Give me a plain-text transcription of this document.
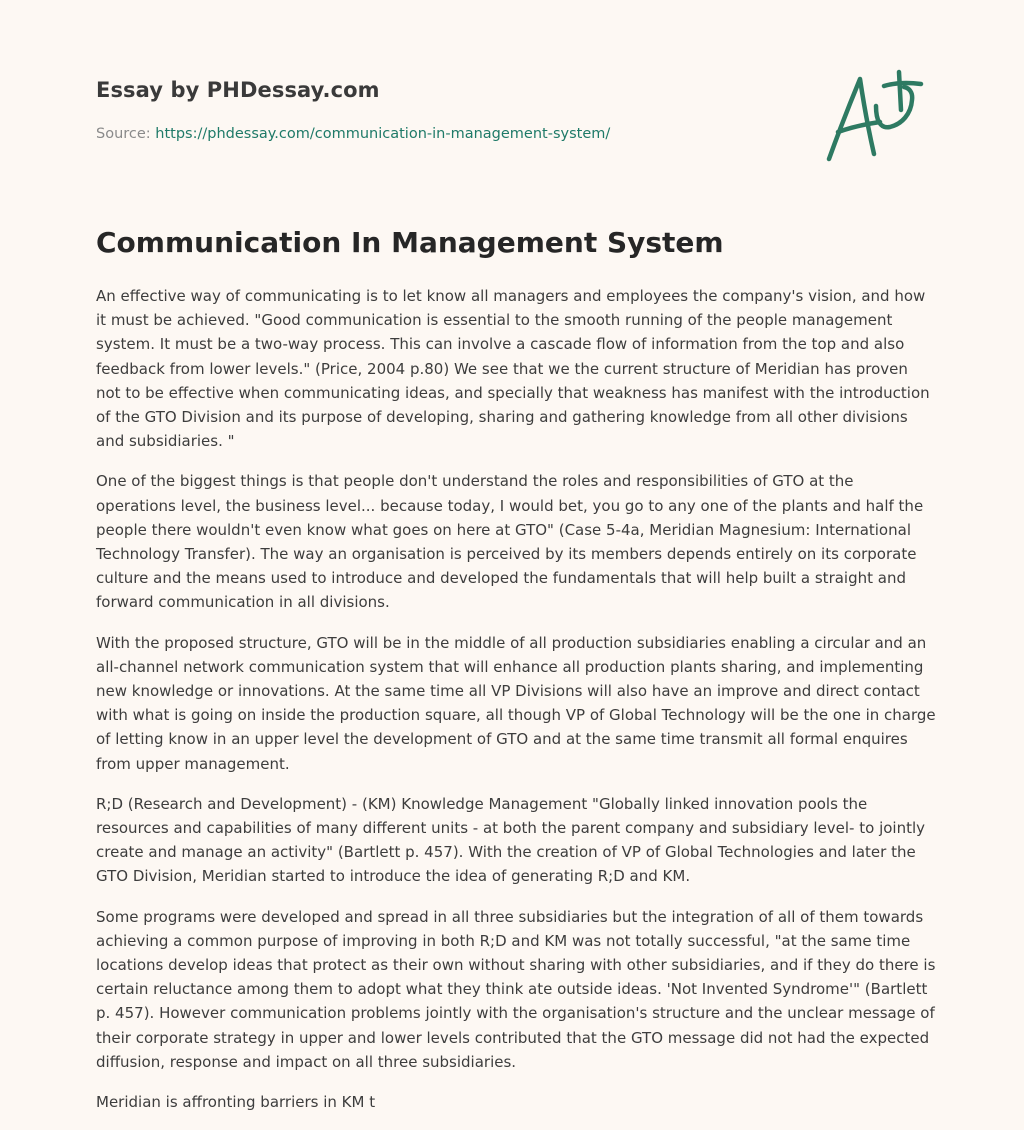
Essay by PHDessay.com
Source: https://phdessay.com/communication-in-management-system/
Communication In Management System

An effective way of communicating is to let know all managers and employees the company's vision, and how it must be achieved. "Good communication is essential to the smooth running of the people management system. It must be a two-way process. This can involve a cascade flow of information from the top and also feedback from lower levels." (Price, 2004 p.80) We see that we the current structure of Meridian has proven not to be effective when communicating ideas, and specially that weakness has manifest with the introduction of the GTO Division and its purpose of developing, sharing and gathering knowledge from all other divisions and subsidiaries. "

One of the biggest things is that people don't understand the roles and responsibilities of GTO at the operations level, the business level... because today, I would bet, you go to any one of the plants and half the people there wouldn't even know what goes on here at GTO" (Case 5-4a, Meridian Magnesium: International Technology Transfer). The way an organisation is perceived by its members depends entirely on its corporate culture and the means used to introduce and developed the fundamentals that will help built a straight and forward communication in all divisions.

With the proposed structure, GTO will be in the middle of all production subsidiaries enabling a circular and an all-channel network communication system that will enhance all production plants sharing, and implementing new knowledge or innovations. At the same time all VP Divisions will also have an improve and direct contact with what is going on inside the production square, all though VP of Global Technology will be the one in charge of letting know in an upper level the development of GTO and at the same time transmit all formal enquires from upper management.

R;D (Research and Development) - (KM) Knowledge Management "Globally linked innovation pools the resources and capabilities of many different units - at both the parent company and subsidiary level- to jointly create and manage an activity" (Bartlett p. 457). With the creation of VP of Global Technologies and later the GTO Division, Meridian started to introduce the idea of generating R;D and KM.

Some programs were developed and spread in all three subsidiaries but the integration of all of them towards achieving a common purpose of improving in both R;D and KM was not totally successful, "at the same time locations develop ideas that protect as their own without sharing with other subsidiaries, and if they do there is certain reluctance among them to adopt what they think ate outside ideas. 'Not Invented Syndrome'" (Bartlett p. 457). However communication problems jointly with the organisation's structure and the unclear message of their corporate strategy in upper and lower levels contributed that the GTO message did not had the expected diffusion, response and impact on all three subsidiaries.

Meridian is affronting barriers in KM t
